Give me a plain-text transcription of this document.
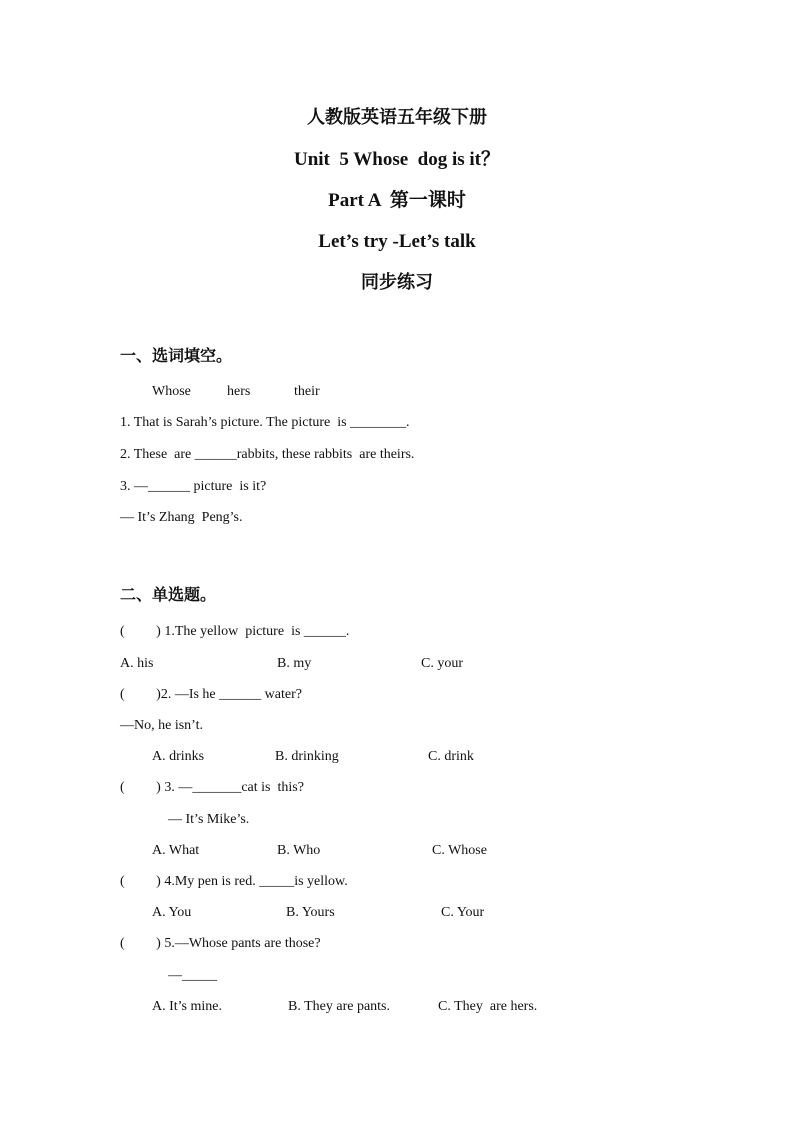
人教版英语五年级下册
Unit  5 Whose  dog is it？
Part A  第一课时
Let’s try -Let’s talk
同步练习
一、选词填空。
Whose	hers	their
1. That is Sarah’s picture. The picture  is ________.
2. These  are ______rabbits, these rabbits  are theirs.
3. —______ picture  is it?
— It’s Zhang  Peng’s.
二、单选题。
(         ) 1.The yellow  picture  is ______.
A. his	B. my	C. your
(         )2. —Is he ______ water?
—No, he isn’t.
A. drinks	B. drinking	C. drink
(         ) 3. —_______cat is  this?
— It’s Mike’s.
A. What	B. Who	C. Whose
(         ) 4.My pen is red. _____is yellow.
A. You	B. Yours	C. Your
(         ) 5.—Whose pants are those?
—_____
A. It’s mine.	B. They are pants.	C. They  are hers.
